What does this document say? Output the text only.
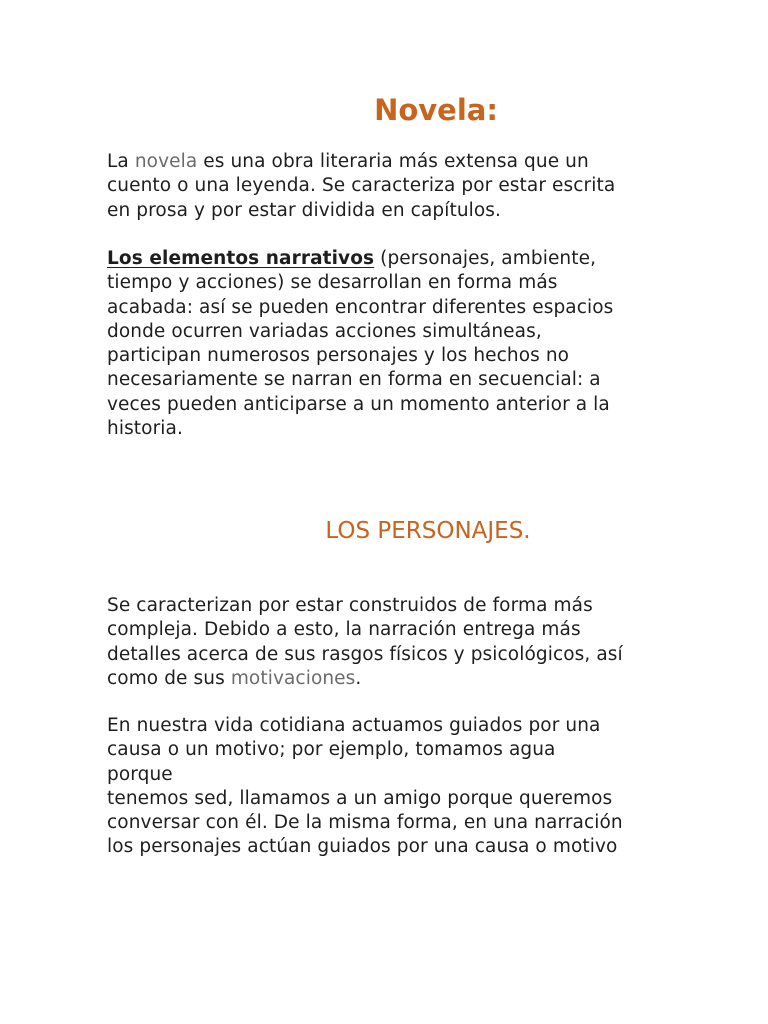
Novela:

La novela es una obra literaria más extensa que un
cuento o una leyenda. Se caracteriza por estar escrita
en prosa y por estar dividida en capítulos.

Los elementos narrativos (personajes, ambiente,
tiempo y acciones) se desarrollan en forma más
acabada: así se pueden encontrar diferentes espacios
donde ocurren variadas acciones simultáneas,
participan numerosos personajes y los hechos no
necesariamente se narran en forma en secuencial: a
veces pueden anticiparse a un momento anterior a la
historia.

LOS PERSONAJES.

Se caracterizan por estar construidos de forma más
compleja. Debido a esto, la narración entrega más
detalles acerca de sus rasgos físicos y psicológicos, así
como de sus motivaciones.

En nuestra vida cotidiana actuamos guiados por una
causa o un motivo; por ejemplo, tomamos agua
porque
tenemos sed, llamamos a un amigo porque queremos
conversar con él. De la misma forma, en una narración
los personajes actúan guiados por una causa o motivo
